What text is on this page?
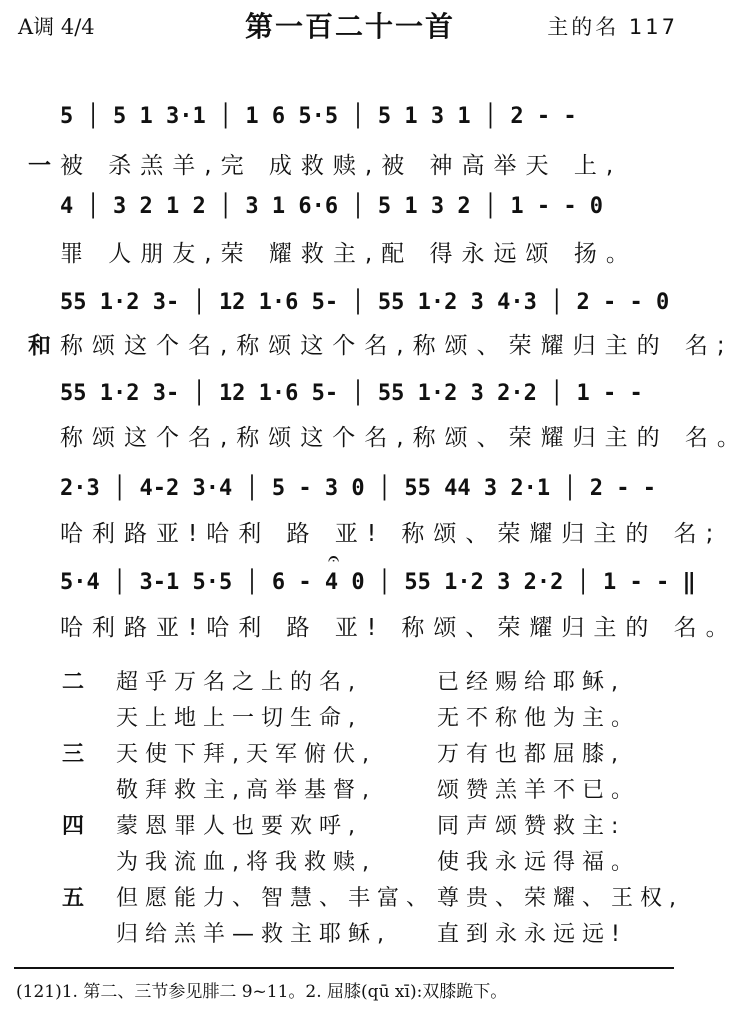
A调 4/4	第一百二十一首	主的名 117
5 │ 5 1 3·1 │ 1 6 5·5 │ 5 1 3 1 │ 2 - -
一 被 杀羔羊,完 成救赎,被 神高举天 上,
4 │ 3 2 1 2 │ 3 1 6·6 │ 5 1 3 2 │ 1 - - 0
罪 人朋友,荣 耀救主,配 得永远颂 扬。
55 1·2 3- │ 12 1·6 5- │ 55 1·2 3 4·3 │ 2 - - 0
和 称颂这个名,称颂这个名,称颂、荣耀归主的 名;
55 1·2 3- │ 12 1·6 5- │ 55 1·2 3 2·2 │ 1 - -
称颂这个名,称颂这个名,称颂、荣耀归主的 名。
2·3 │ 4-2 3·4 │ 5 - 3 0 │ 55 44 3 2·1 │ 2 - -
哈利路亚!哈利 路 亚! 称颂、荣耀归主的 名;
𝄐
5·4 │ 3-1 5·5 │ 6 - 4 0 │ 55 1·2 3 2·2 │ 1 - - ‖
哈利路亚!哈利 路 亚! 称颂、荣耀归主的 名。
二 超乎万名之上的名,	已经赐给耶稣,
天上地上一切生命,	无不称他为主。
三 天使下拜,天军俯伏,	万有也都屈膝,
敬拜救主,高举基督,	颂赞羔羊不已。
四 蒙恩罪人也要欢呼,	同声颂赞救主:
为我流血,将我救赎,	使我永远得福。
五 但愿能力、智慧、丰富、 尊贵、荣耀、王权,
归给羔羊—救主耶稣, 直到永永远远!
(121)1. 第二、三节参见腓二 9~11。2. 屈膝(qū xī):双膝跪下。
